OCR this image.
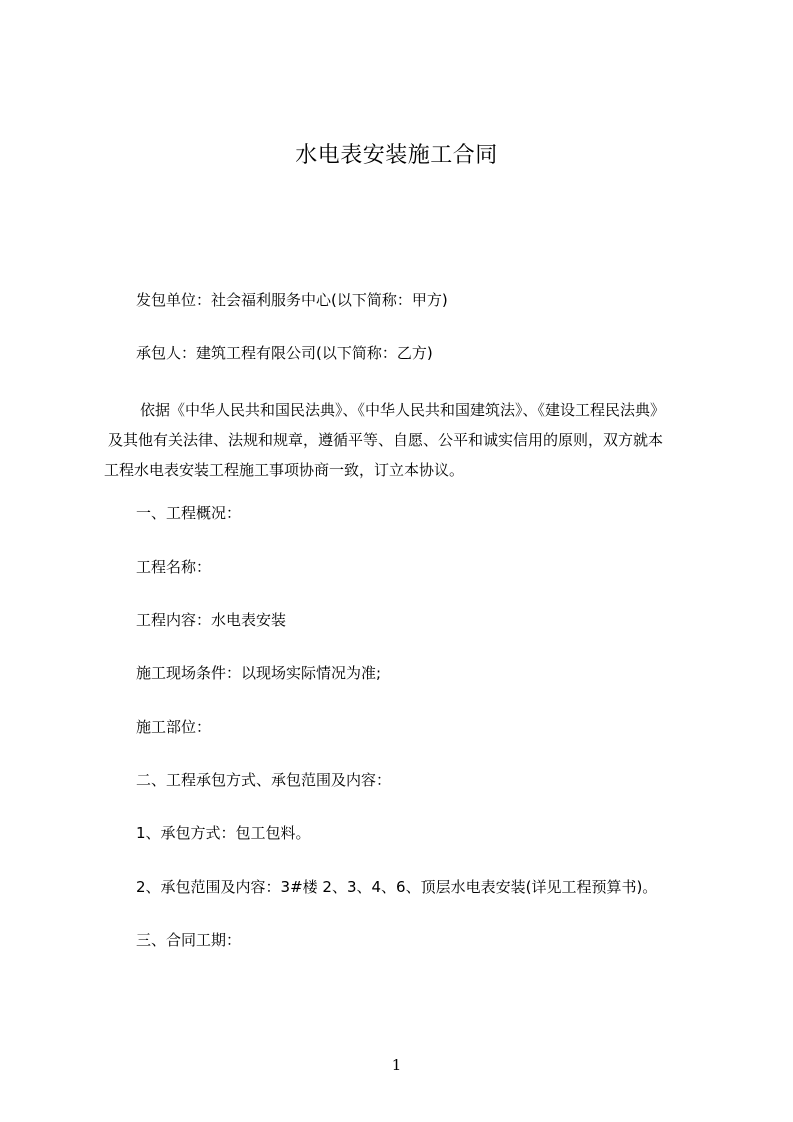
水电表安装施工合同
发包单位：社会福利服务中心(以下简称：甲方)
承包人：建筑工程有限公司(以下简称：乙方)
依据《中华人民共和国民法典》、《中华人民共和国建筑法》、《建设工程民法典》
及其他有关法律、法规和规章，遵循平等、自愿、公平和诚实信用的原则，双方就本
工程水电表安装工程施工事项协商一致，订立本协议。
一、工程概况：
工程名称：
工程内容：水电表安装
施工现场条件：以现场实际情况为准;
施工部位：
二、工程承包方式、承包范围及内容：
1、承包方式：包工包料。
2、承包范围及内容：3#楼 2、3、4、6、顶层水电表安装(详见工程预算书)。
三、合同工期：
1
